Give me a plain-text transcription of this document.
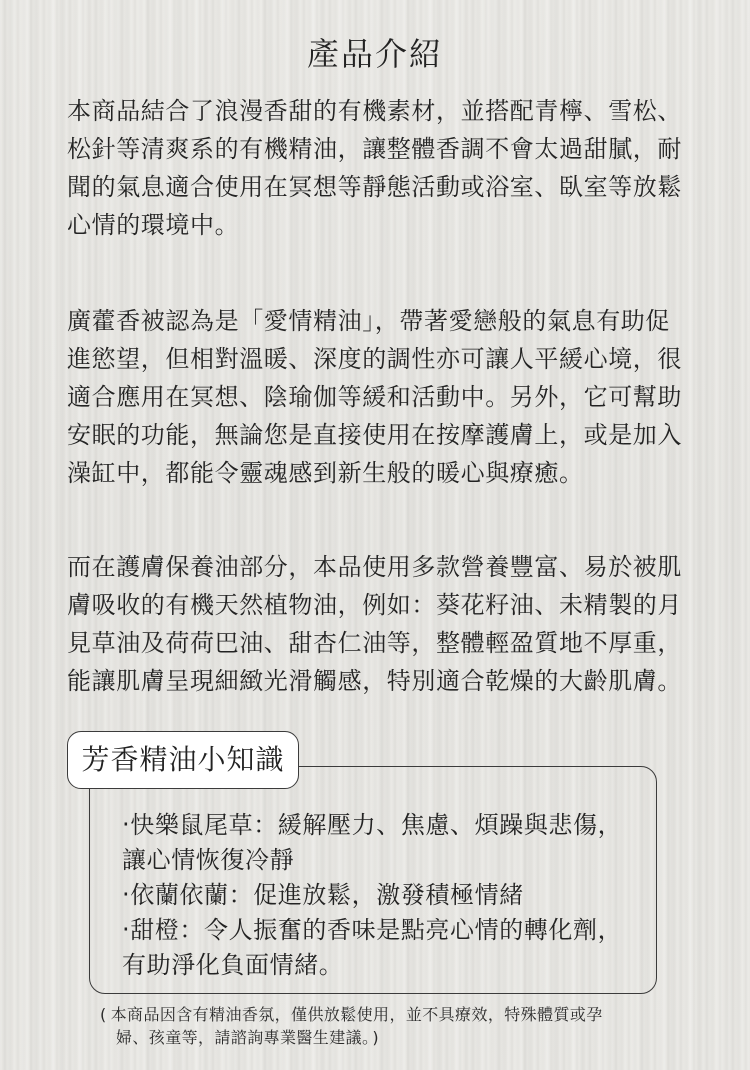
產品介紹
本商品結合了浪漫香甜的有機素材，並搭配青檸、雪松、
松針等清爽系的有機精油，讓整體香調不會太過甜膩，耐
聞的氣息適合使用在冥想等靜態活動或浴室、臥室等放鬆
心情的環境中。
廣藿香被認為是「愛情精油」，帶著愛戀般的氣息有助促
進慾望，但相對溫暖、深度的調性亦可讓人平緩心境，很
適合應用在冥想、陰瑜伽等緩和活動中。另外，它可幫助
安眠的功能，無論您是直接使用在按摩護膚上，或是加入
澡缸中，都能令靈魂感到新生般的暖心與療癒。
而在護膚保養油部分，本品使用多款營養豐富、易於被肌
膚吸收的有機天然植物油，例如：葵花籽油、未精製的月
見草油及荷荷巴油、甜杏仁油等，整體輕盈質地不厚重，
能讓肌膚呈現細緻光滑觸感，特別適合乾燥的大齡肌膚。
芳香精油小知識
‧快樂鼠尾草：緩解壓力、焦慮、煩躁與悲傷，
讓心情恢復冷靜
‧依蘭依蘭：促進放鬆，激發積極情緒
‧甜橙：令人振奮的香味是點亮心情的轉化劑，
有助淨化負面情緒。
( 本商品因含有精油香氛，僅供放鬆使用，並不具療效，特殊體質或孕
婦、孩童等，請諮詢專業醫生建議。 )
